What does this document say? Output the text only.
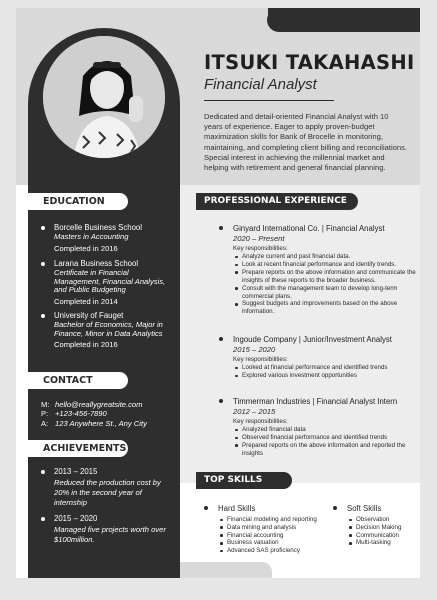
ITSUKI TAKAHASHI
Financial Analyst
Dedicated and detail-oriented Financial Analyst with 10 years of experience. Eager to apply proven-budget maximization skills for Bank of Brocelle in monitoring, maintaining, and completing client billing and reconciliations. Special interest in achieving the millennial market and helping with retirement and general financial planning.
EDUCATION
Borcelle Business School
Masters in Accounting
Completed in 2016
Larana Business School
Certificate in Financial Management, Financial Analysis, and Public Budgeting
Completed in 2014
University of Fauget
Bachelor of Economics, Major in Finance, Minor in Data Analytics
Completed in 2016
CONTACT
M: hello@reallygreatsite.com
P: +123-456-7890
A: 123 Anywhere St., Any City
ACHIEVEMENTS
2013 – 2015
Reduced the production cost by 20% in the second year of internship
2015 – 2020
Managed five projects worth over $100million.
PROFESSIONAL EXPERIENCE
Ginyard International Co. | Financial Analyst
2020 – Present
Key responsibilities:
Analyze current and past financial data.
Look at recent financial performance and identify trends.
Prepare reports on the above information and communicate the insights of these reports to the broader business.
Consult with the management team to develop long-term commercial plans.
Suggest budgets and improvements based on the above information.
Ingoude Company | Junior/Investment Analyst
2015 – 2020
Key responsibilities:
Looked at financial performance and identified trends
Explored various investment opportunities
Timmerman Industries | Financial Analyst Intern
2012 – 2015
Key responsibilities:
Analyzed financial data
Observed financial performance and identified trends
Prepared reports on the above information and reported the insights
TOP SKILLS
Hard Skills
Financial modeling and reporting
Data mining and analysis
Financial accounting
Business valuation
Advanced SAS proficiency
Soft Skills
Observation
Decision Making
Communication
Multi-tasking
